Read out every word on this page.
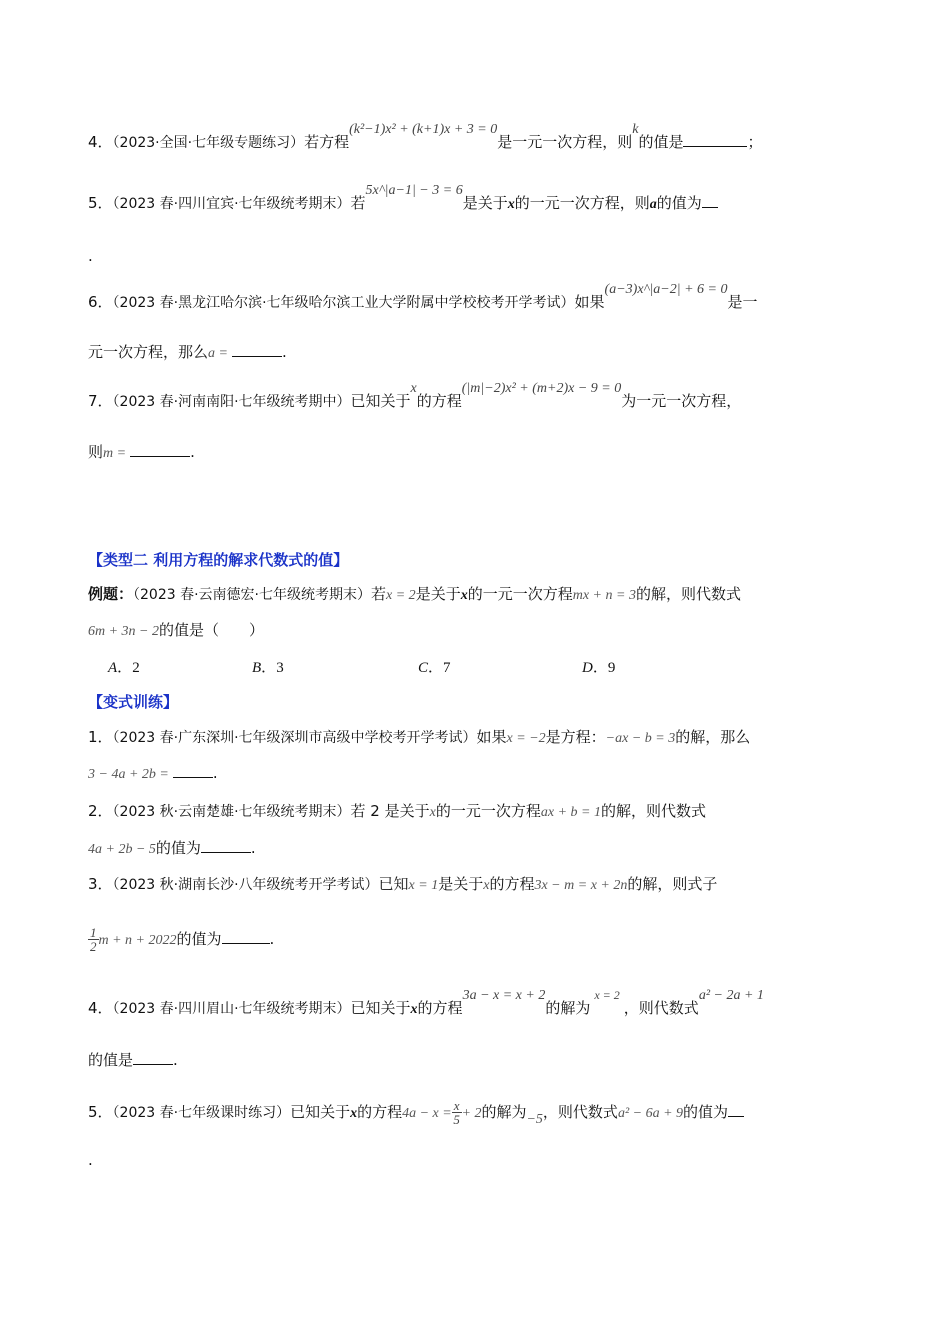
4．（2023·全国·七年级专题练习）若方程(k²−1)x² + (k+1)x + 3 = 0是一元一次方程，则k的值是	；
5．（2023 春·四川宜宾·七年级统考期末）若5x^|a−1| − 3 = 6是关于x的一元一次方程，则a的值为
.
6．（2023 春·黑龙江哈尔滨·七年级哈尔滨工业大学附属中学校校考开学考试）如果(a−3)x^|a−2| + 6 = 0是一
元一次方程，那么a =	.
7．（2023 春·河南南阳·七年级统考期中）已知关于x的方程(|m|−2)x² + (m+2)x − 9 = 0为一元一次方程，
则m =	.
【类型二 利用方程的解求代数式的值】
例题：（2023 春·云南德宏·七年级统考期末）若x = 2是关于x的一元一次方程mx + n = 3的解，则代数式
6m + 3n − 2的值是（　　）
A．2	B．3	C．7	D．9
【变式训练】
1．（2023 春·广东深圳·七年级深圳市高级中学校考开学考试）如果x = −2是方程：−ax − b = 3的解，那么
3 − 4a + 2b =	.
2．（2023 秋·云南楚雄·七年级统考期末）若 2 是关于x的一元一次方程ax + b = 1的解，则代数式
4a + 2b − 5的值为	.
3．（2023 秋·湖南长沙·八年级统考开学考试）已知x = 1是关于x的方程3x − m = x + 2n的解，则式子
$\frac{1}{2}$ m + n + 2022的值为	.
4．（2023 春·四川眉山·七年级统考期末）已知关于x的方程3a − x = x + 2的解为$^{x = 2}$，则代数式a² − 2a + 1
的值是	.
5．（2023 春·七年级课时练习）已知关于x的方程$4a - x = \frac{x}{5} + 2$的解为−5，则代数式a² − 6a + 9的值为
.
